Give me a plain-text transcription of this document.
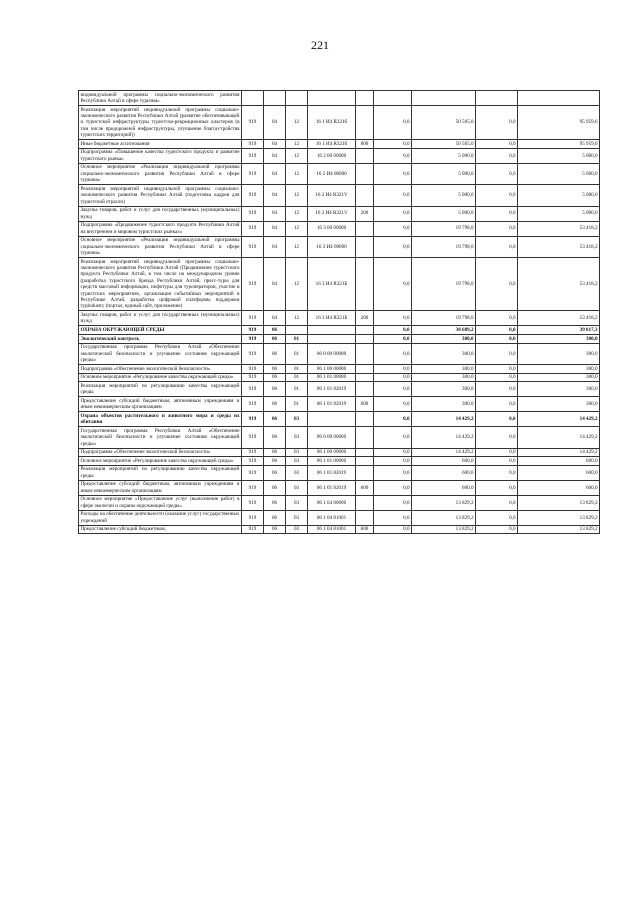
221
индивидуальной программы социально-экономического развития Республики Алтай в сфере туризма»									
Реализация мероприятий индивидуальной программы социально-экономического развития Республики Алтай (развитие обеспечивающей и туристской инфраструктуры туристско-рекреационных кластеров (в том числе придорожной инфраструктуры, улучшение благоустройства туристских территорий))	919	04	12	16 1 И4 R321б		0,0	50 505,0	0,0	95 959,6
Иные бюджетные ассигнования	919	04	12	16 1 И4 R321б	800	0,0	50 505,0	0,0	95 959,6
Подпрограмма «Повышение качества туристского продукта и развитие туристского рынка»	919	04	12	16 2 00 00000		0,0	5 000,0	0,0	5 000,0
Основное мероприятие «Реализация индивидуальной программы социально-экономического развития Республики Алтай в сфере туризма»	919	04	12	16 2 И4 00000		0,0	5 000,0	0,0	5 000,0
Реализация мероприятий индивидуальной программы социально-экономического развития Республики Алтай (подготовка кадров для туристской отрасли)	919	04	12	16 2 И4 R321V		0,0	5 000,0	0,0	5 000,0
Закупка товаров, работ и услуг для государственных (муниципальных) нужд	919	04	12	16 2 И4 R321V	200	0,0	5 000,0	0,0	5 000,0
Подпрограмма «Продвижение туристского продукта Республики Алтай на внутреннем и мировом туристских рынках»	919	04	12	16 3 00 00000		0,0	19 798,0	0,0	53 418,2
Основное мероприятие «Реализация индивидуальной программы социально-экономического развития Республики Алтай в сфере туризма»	919	04	12	16 3 И4 00000		0,0	19 798,0	0,0	53 418,2
Реализация мероприятий индивидуальной программы социально-экономического развития Республики Алтай (Продвижение туристского продукта Республики Алтай, в том числе на международном уровне (разработка туристского бренда Республики Алтай, пресс-туры для средств массовой информации, инфотуры для туроператоров, участие в туристских мероприятиях, организация событийных мероприятий в Республике Алтай, разработка цифровой платформы поддержки турindustry (портал, единый сайт, приложение)	919	04	12	16 3 И4 R321Б		0,0	19 798,0	0,0	53 418,2
Закупка товаров, работ и услуг для государственных (муниципальных) нужд	919	04	12	16 3 И4 R321Б	200	0,0	19 798,0	0,0	53 418,2
ОХРАНА ОКРУЖАЮЩЕЙ СРЕДЫ	919	06				0,0	38 689,2	0,0	39 017,3
Экологический контроль	919	06	01			0,0	300,0	0,0	300,0
Государственная программа Республики Алтай «Обеспечение экологической безопасности и улучшение состояния окружающей среды»	919	06	01	06 0 00 00000		0,0	300,0	0,0	300,0
Подпрограмма «Обеспечение экологической безопасности»	919	06	01	06 1 00 00000		0,0	300,0	0,0	300,0
Основное мероприятие «Регулирование качества окружающей среды»	919	06	01	06 1 01 00000		0,0	300,0	0,0	300,0
Реализация мероприятий по регулированию качества окружающей среды	919	06	01	06 1 01 82019		0,0	300,0	0,0	300,0
Предоставление субсидий бюджетным, автономным учреждениям и иным некоммерческим организациям	919	06	01	06 1 01 82019	600	0,0	300,0	0,0	300,0
Охрана объектов растительного и животного мира и среды их обитания	919	06	03			0,0	14 429,2	0,0	14 429,2
Государственная программа Республики Алтай «Обеспечение экологической безопасности и улучшение состояния окружающей среды»	919	06	03	06 0 00 00000		0,0	14 429,2	0,0	14 429,2
Подпрограмма «Обеспечение экологической безопасности»	919	06	03	06 1 00 00000		0,0	14 429,2	0,0	14 429,2
Основное мероприятие «Регулирование качества окружающей среды»	919	06	03	06 1 01 00000		0,0	600,0	0,0	600,0
Реализация мероприятий по регулированию качества окружающей среды	919	06	03	06 1 01 82019		0,0	600,0	0,0	600,0
Предоставление субсидий бюджетным, автономным учреждениям и иным некоммерческим организациям	919	06	03	06 1 01 82019	600	0,0	600,0	0,0	600,0
Основное мероприятие «Предоставление услуг (выполнение работ) в сфере экологии и охраны окружающей среды»	919	06	03	06 1 04 00000		0,0	13 829,2	0,0	13 829,2
Расходы на обеспечение деятельности (оказание услуг) государственных учреждений	919	06	03	06 1 04 81001		0,0	13 829,2	0,0	13 829,2
Предоставление субсидий бюджетным,	919	06	03	06 1 04 81001	600	0,0	13 829,2	0,0	13 829,2
